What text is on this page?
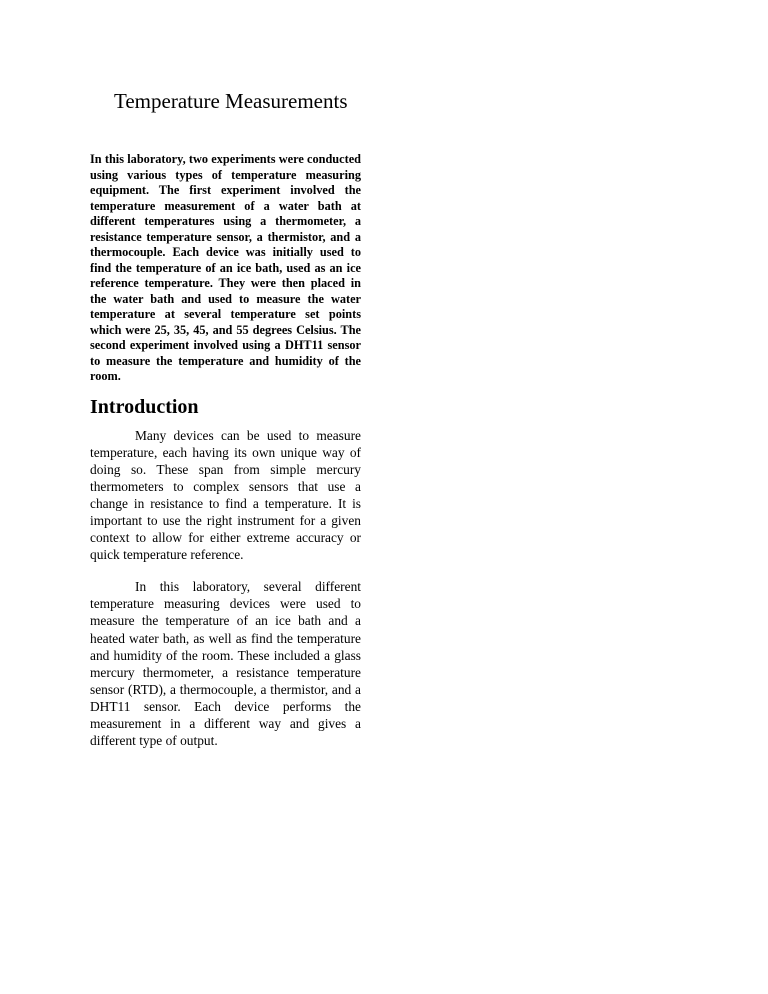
Temperature Measurements

In this laboratory, two experiments were conducted using various types of temperature measuring equipment. The first experiment involved the temperature measurement of a water bath at different temperatures using a thermometer, a resistance temperature sensor, a thermistor, and a thermocouple. Each device was initially used to find the temperature of an ice bath, used as an ice reference temperature. They were then placed in the water bath and used to measure the water temperature at several temperature set points which were 25, 35, 45, and 55 degrees Celsius. The second experiment involved using a DHT11 sensor to measure the temperature and humidity of the room.

Introduction

Many devices can be used to measure temperature, each having its own unique way of doing so. These span from simple mercury thermometers to complex sensors that use a change in resistance to find a temperature. It is important to use the right instrument for a given context to allow for either extreme accuracy or quick temperature reference.

In this laboratory, several different temperature measuring devices were used to measure the temperature of an ice bath and a heated water bath, as well as find the temperature and humidity of the room. These included a glass mercury thermometer, a resistance temperature sensor (RTD), a thermocouple, a thermistor, and a DHT11 sensor. Each device performs the measurement in a different way and gives a different type of output.
